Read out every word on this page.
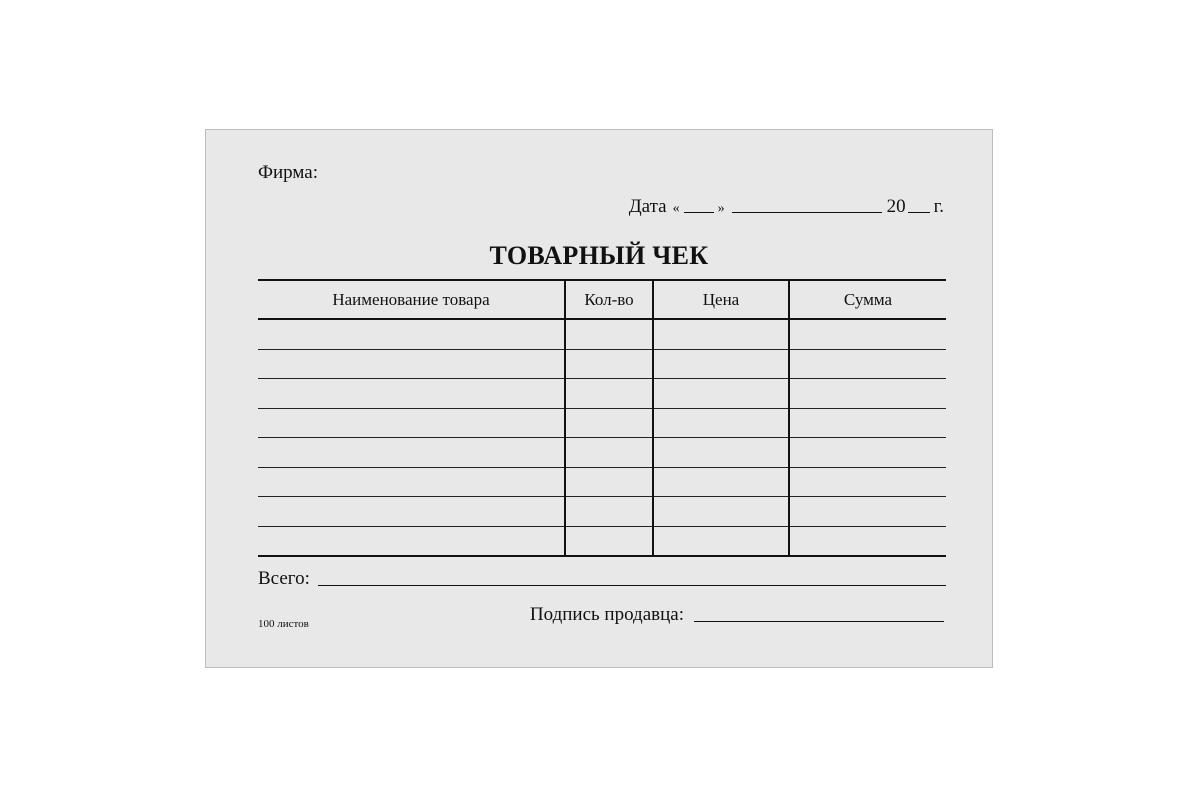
Фирма:
Дата «	»	20 г.
ТОВАРНЫЙ ЧЕК
Наименование товара	Кол-во	Цена	Сумма

Всего:
Подпись продавца:
100 листов
